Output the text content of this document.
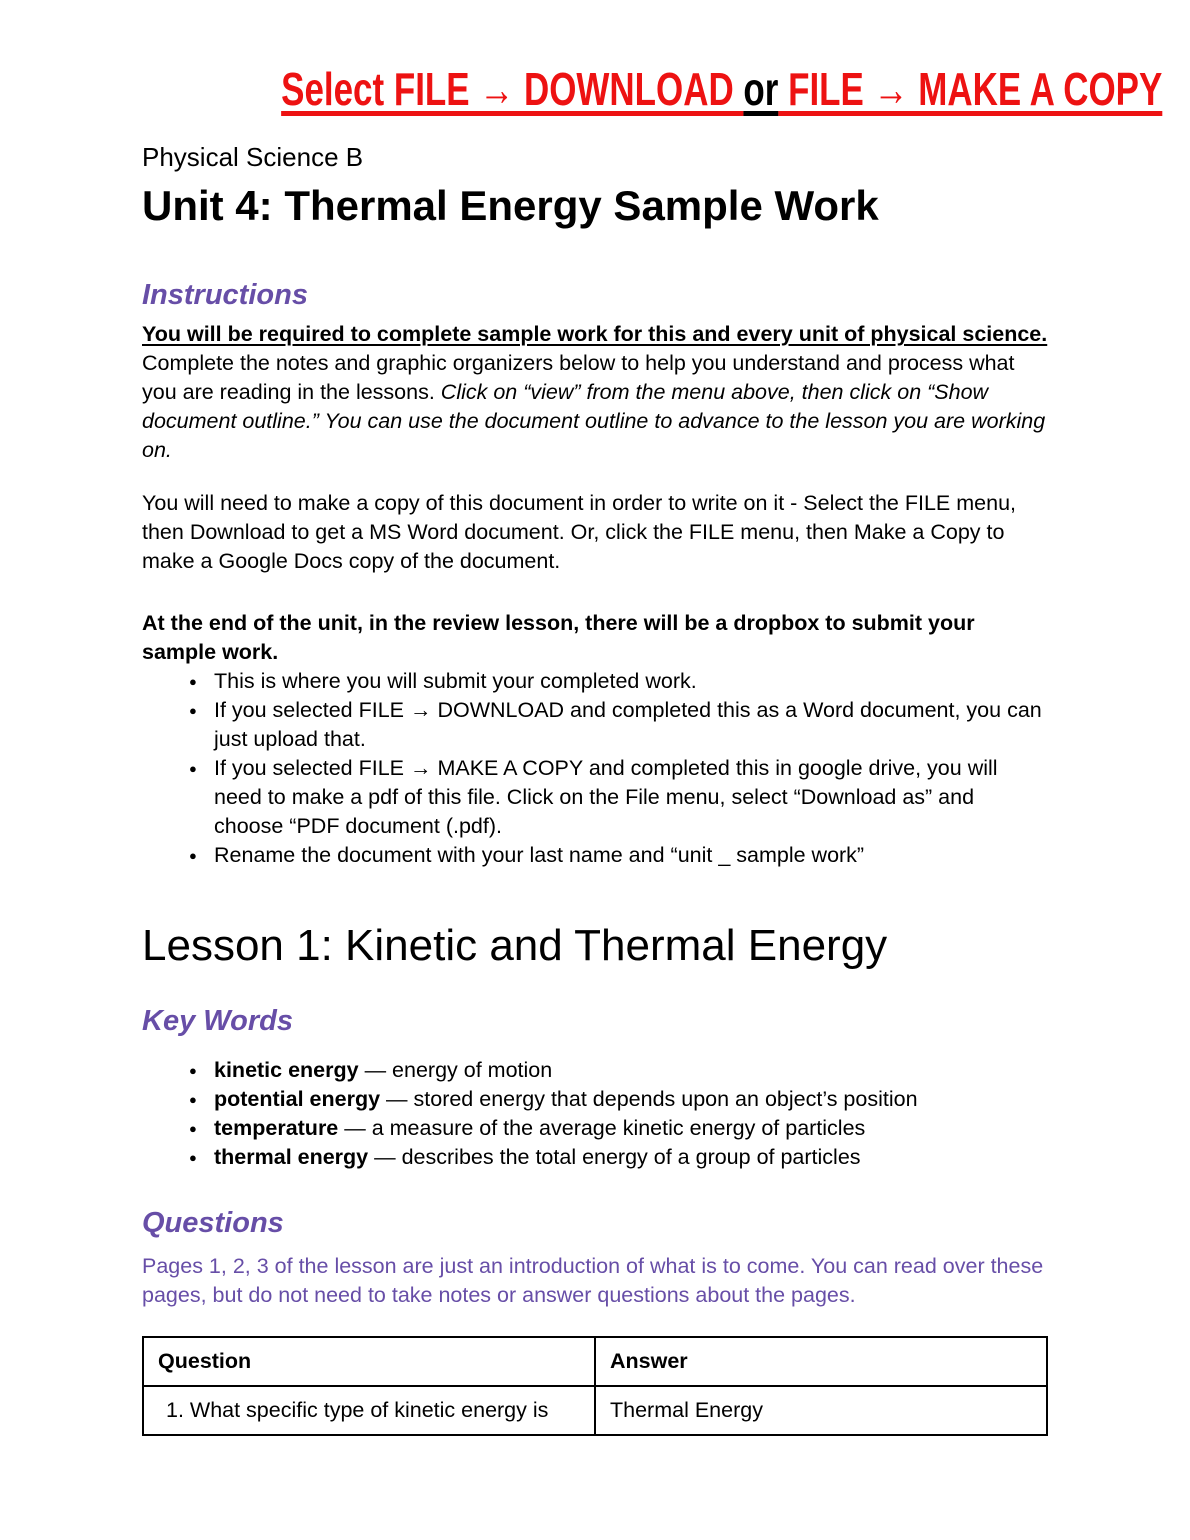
Select FILE → DOWNLOAD or FILE → MAKE A COPY
Physical Science B
Unit 4: Thermal Energy Sample Work
Instructions
You will be required to complete sample work for this and every unit of physical science. Complete the notes and graphic organizers below to help you understand and process what you are reading in the lessons. Click on “view” from the menu above, then click on “Show document outline.” You can use the document outline to advance to the lesson you are working on.
You will need to make a copy of this document in order to write on it - Select the FILE menu, then Download to get a MS Word document. Or, click the FILE menu, then Make a Copy to make a Google Docs copy of the document.
At the end of the unit, in the review lesson, there will be a dropbox to submit your sample work.
● This is where you will submit your completed work.
● If you selected FILE → DOWNLOAD and completed this as a Word document, you can just upload that.
● If you selected FILE → MAKE A COPY and completed this in google drive, you will need to make a pdf of this file. Click on the File menu, select “Download as” and choose “PDF document (.pdf).
● Rename the document with your last name and “unit _ sample work”
Lesson 1: Kinetic and Thermal Energy
Key Words
● kinetic energy — energy of motion
● potential energy — stored energy that depends upon an object’s position
● temperature — a measure of the average kinetic energy of particles
● thermal energy — describes the total energy of a group of particles
Questions
Pages 1, 2, 3 of the lesson are just an introduction of what is to come. You can read over these pages, but do not need to take notes or answer questions about the pages.
Question	Answer
1. What specific type of kinetic energy is	Thermal Energy
